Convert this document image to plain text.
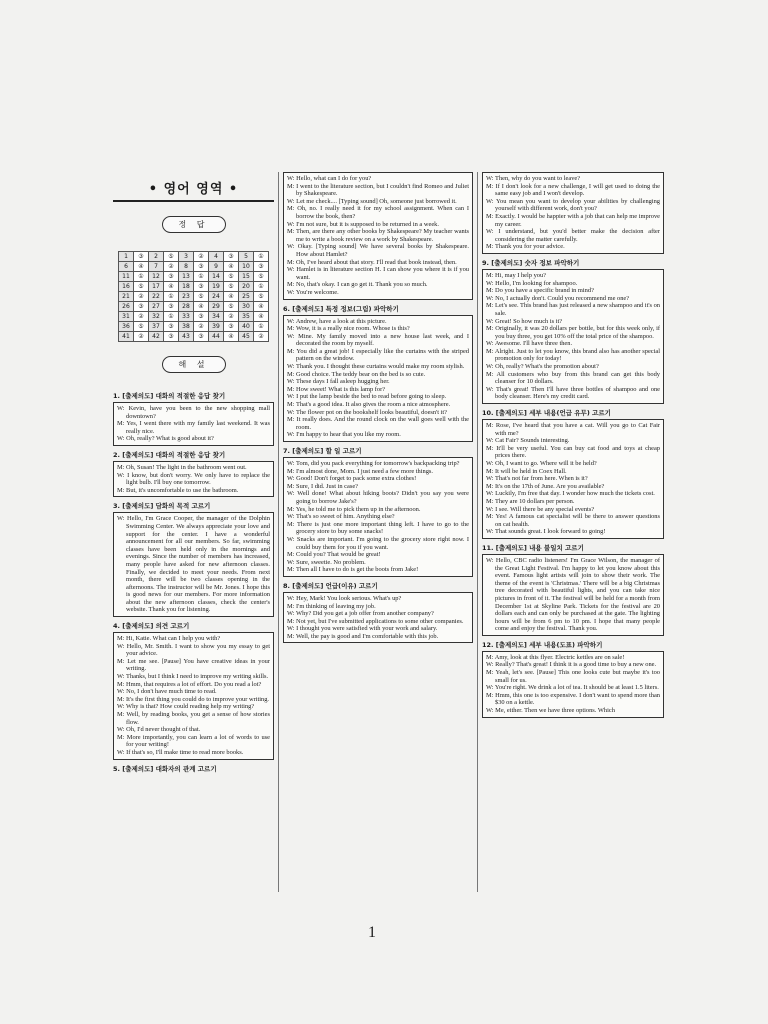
• 영어 영역 •
정 답
1	③	2	⑤	3	②	4	③	5	①
6	④	7	②	8	③	9	④	10	③
11	①	12	③	13	①	14	⑤	15	⑤
16	⑤	17	④	18	③	19	⑤	20	①
21	②	22	①	23	⑤	24	④	25	⑤
26	③	27	③	28	④	29	⑤	30	④
31	②	32	①	33	③	34	②	35	④
36	⑤	37	③	38	②	39	③	40	①
41	②	42	③	43	③	44	④	45	②
해 설
1. [출제의도] 대화의 적절한 응답 찾기
W: Kevin, have you been to the new shopping mall downtown?
M: Yes, I went there with my family last weekend. It was really nice.
W: Oh, really? What is good about it?
2. [출제의도] 대화의 적절한 응답 찾기
M: Oh, Susan! The light in the bathroom went out.
W: I know, but don't worry. We only have to replace the light bulb. I'll buy one tomorrow.
M: But, it's uncomfortable to use the bathroom.
3. [출제의도] 담화의 목적 고르기
W: Hello, I'm Grace Cooper, the manager of the Dolphin Swimming Center. We always appreciate your love and support for the center. I have a wonderful announcement for all our members. So far, swimming classes have been held only in the mornings and evenings. Since the number of members has increased, many people have asked for new afternoon classes. Finally, we decided to meet your needs. From next month, there will be two classes opening in the afternoons. The instructor will be Mr. Jones. I hope this is good news for our members. For more information about the new afternoon classes, check the center's website. Thank you for listening.
4. [출제의도] 의견 고르기
M: Hi, Katie. What can I help you with?
W: Hello, Mr. Smith. I want to show you my essay to get your advice.
M: Let me see. [Pause] You have creative ideas in your writing.
W: Thanks, but I think I need to improve my writing skills.
M: Hmm, that requires a lot of effort. Do you read a lot?
W: No, I don't have much time to read.
M: It's the first thing you could do to improve your writing.
W: Why is that? How could reading help my writing?
M: Well, by reading books, you get a sense of how stories flow.
W: Oh, I'd never thought of that.
M: More importantly, you can learn a lot of words to use for your writing!
W: If that's so, I'll make time to read more books.
5. [출제의도] 대화자의 관계 고르기
W: Hello, what can I do for you?
M: I went to the literature section, but I couldn't find Romeo and Juliet by Shakespeare.
W: Let me check.... [Typing sound] Oh, someone just borrowed it.
M: Oh, no. I really need it for my school assignment. When can I borrow the book, then?
W: I'm not sure, but it is supposed to be returned in a week.
M: Then, are there any other books by Shakespeare? My teacher wants me to write a book review on a work by Shakespeare.
W: Okay. [Typing sound] We have several books by Shakespeare. How about Hamlet?
M: Oh, I've heard about that story. I'll read that book instead, then.
W: Hamlet is in literature section H. I can show you where it is if you want.
M: No, that's okay. I can go get it. Thank you so much.
W: You're welcome.
6. [출제의도] 특정 정보(그림) 파악하기
W: Andrew, have a look at this picture.
M: Wow, it is a really nice room. Whose is this?
W: Mine. My family moved into a new house last week, and I decorated the room by myself.
M: You did a great job! I especially like the curtains with the striped pattern on the window.
W: Thank you. I thought these curtains would make my room stylish.
M: Good choice. The teddy bear on the bed is so cute.
W: These days I fall asleep hugging her.
M: How sweet! What is this lamp for?
W: I put the lamp beside the bed to read before going to sleep.
M: That's a good idea. It also gives the room a nice atmosphere.
W: The flower pot on the bookshelf looks beautiful, doesn't it?
M: It really does. And the round clock on the wall goes well with the room.
W: I'm happy to hear that you like my room.
7. [출제의도] 할 일 고르기
W: Tom, did you pack everything for tomorrow's backpacking trip?
M: I'm almost done, Mom. I just need a few more things.
W: Good! Don't forget to pack some extra clothes!
M: Sure, I did. Just in case?
W: Well done! What about hiking boots? Didn't you say you were going to borrow Jake's?
M: Yes, he told me to pick them up in the afternoon.
W: That's so sweet of him. Anything else?
M: There is just one more important thing left. I have to go to the grocery store to buy some snacks!
W: Snacks are important. I'm going to the grocery store right now. I could buy them for you if you want.
M: Could you? That would be great!
W: Sure, sweetie. No problem.
M: Then all I have to do is get the boots from Jake!
8. [출제의도] 언급(이유) 고르기
W: Hey, Mark! You look serious. What's up?
M: I'm thinking of leaving my job.
W: Why? Did you get a job offer from another company?
M: Not yet, but I've submitted applications to some other companies.
W: I thought you were satisfied with your work and salary.
M: Well, the pay is good and I'm comfortable with this job.
W: Then, why do you want to leave?
M: If I don't look for a new challenge, I will get used to doing the same easy job and I won't develop.
W: You mean you want to develop your abilities by challenging yourself with different work, don't you?
M: Exactly. I would be happier with a job that can help me improve my career.
W: I understand, but you'd better make the decision after considering the matter carefully.
M: Thank you for your advice.
9. [출제의도] 숫자 정보 파악하기
M: Hi, may I help you?
W: Hello, I'm looking for shampoo.
M: Do you have a specific brand in mind?
W: No, I actually don't. Could you recommend me one?
M: Let's see. This brand has just released a new shampoo and it's on sale.
W: Great! So how much is it?
M: Originally, it was 20 dollars per bottle, but for this week only, if you buy three, you get 10% off the total price of the shampoo.
W: Awesome. I'll have three then.
M: Alright. Just to let you know, this brand also has another special promotion only for today!
W: Oh, really? What's the promotion about?
M: All customers who buy from this brand can get this body cleanser for 10 dollars.
W: That's great! Then I'll have three bottles of shampoo and one body cleanser. Here's my credit card.
10. [출제의도] 세부 내용(언급 유무) 고르기
M: Rose, I've heard that you have a cat. Will you go to Cat Fair with me?
W: Cat Fair? Sounds interesting.
M: It'll be very useful. You can buy cat food and toys at cheap prices there.
W: Oh, I want to go. Where will it be held?
M: It will be held in Coex Hall.
W: That's not far from here. When is it?
M: It's on the 17th of June. Are you available?
W: Luckily, I'm free that day. I wonder how much the tickets cost.
M: They are 10 dollars per person.
W: I see. Will there be any special events?
M: Yes! A famous cat specialist will be there to answer questions on cat health.
W: That sounds great. I look forward to going!
11. [출제의도] 내용 불일치 고르기
W: Hello, CBC radio listeners! I'm Grace Wilson, the manager of the Great Light Festival. I'm happy to let you know about this event. Famous light artists will join to show their work. The theme of the event is 'Christmas.' There will be a big Christmas tree decorated with beautiful lights, and you can take nice pictures in front of it. The festival will be held for a month from December 1st at Skyline Park. Tickets for the festival are 20 dollars each and can only be purchased at the gate. The lighting hours will be from 6 pm to 10 pm. I hope that many people come and enjoy the festival. Thank you.
12. [출제의도] 세부 내용(도표) 파악하기
M: Amy, look at this flyer. Electric kettles are on sale!
W: Really? That's great! I think it is a good time to buy a new one.
M: Yeah, let's see. [Pause] This one looks cute but maybe it's too small for us.
W: You're right. We drink a lot of tea. It should be at least 1.5 liters.
M: Hmm, this one is too expensive. I don't want to spend more than $30 on a kettle.
W: Me, either. Then we have three options. Which
1
